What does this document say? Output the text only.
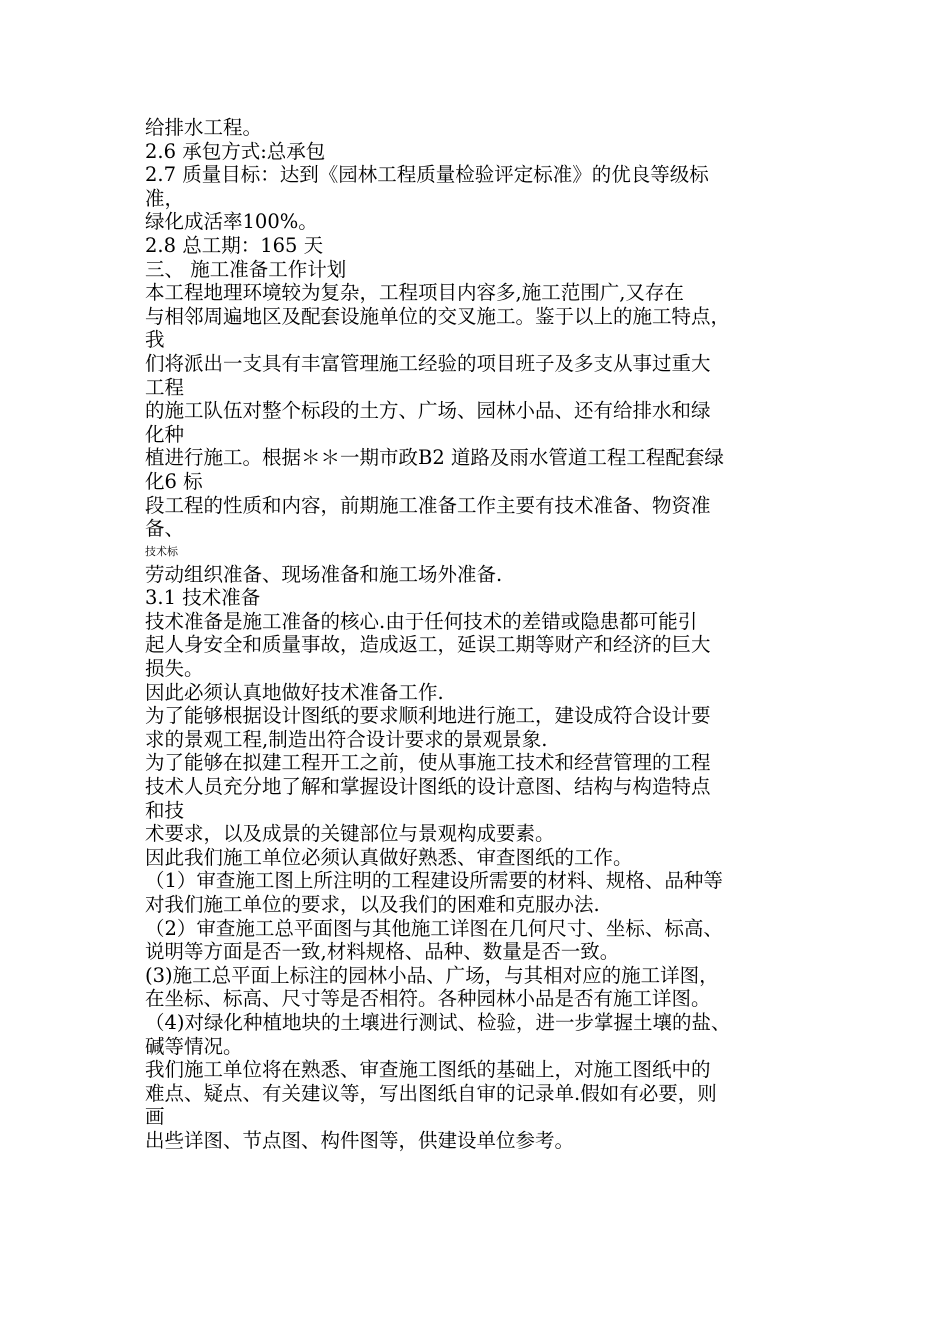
给排水工程。
2.6 承包方式:总承包
2.7 质量目标：达到《园林工程质量检验评定标准》的优良等级标
准，
绿化成活率100%。
2.8 总工期：165 天
三、 施工准备工作计划
本工程地理环境较为复杂，工程项目内容多,施工范围广,又存在
与相邻周遍地区及配套设施单位的交叉施工。鉴于以上的施工特点，
我
们将派出一支具有丰富管理施工经验的项目班子及多支从事过重大
工程
的施工队伍对整个标段的土方、广场、园林小品、还有给排水和绿
化种
植进行施工。根据＊＊一期市政B2 道路及雨水管道工程工程配套绿
化6 标
段工程的性质和内容，前期施工准备工作主要有技术准备、物资准
备、
技术标
劳动组织准备、现场准备和施工场外准备.
3.1 技术准备
技术准备是施工准备的核心.由于任何技术的差错或隐患都可能引
起人身安全和质量事故，造成返工，延误工期等财产和经济的巨大
损失。
因此必须认真地做好技术准备工作.
为了能够根据设计图纸的要求顺利地进行施工，建设成符合设计要
求的景观工程,制造出符合设计要求的景观景象.
为了能够在拟建工程开工之前，使从事施工技术和经营管理的工程
技术人员充分地了解和掌握设计图纸的设计意图、结构与构造特点
和技
术要求，以及成景的关键部位与景观构成要素。
因此我们施工单位必须认真做好熟悉、审查图纸的工作。
（1）审查施工图上所注明的工程建设所需要的材料、规格、品种等
对我们施工单位的要求，以及我们的困难和克服办法.
（2）审查施工总平面图与其他施工详图在几何尺寸、坐标、标高、
说明等方面是否一致,材料规格、品种、数量是否一致。
(3)施工总平面上标注的园林小品、广场，与其相对应的施工详图，
在坐标、标高、尺寸等是否相符。各种园林小品是否有施工详图。
（4)对绿化种植地块的土壤进行测试、检验，进一步掌握土壤的盐、
碱等情况。
我们施工单位将在熟悉、审查施工图纸的基础上，对施工图纸中的
难点、疑点、有关建议等，写出图纸自审的记录单.假如有必要，则
画
出些详图、节点图、构件图等，供建设单位参考。
